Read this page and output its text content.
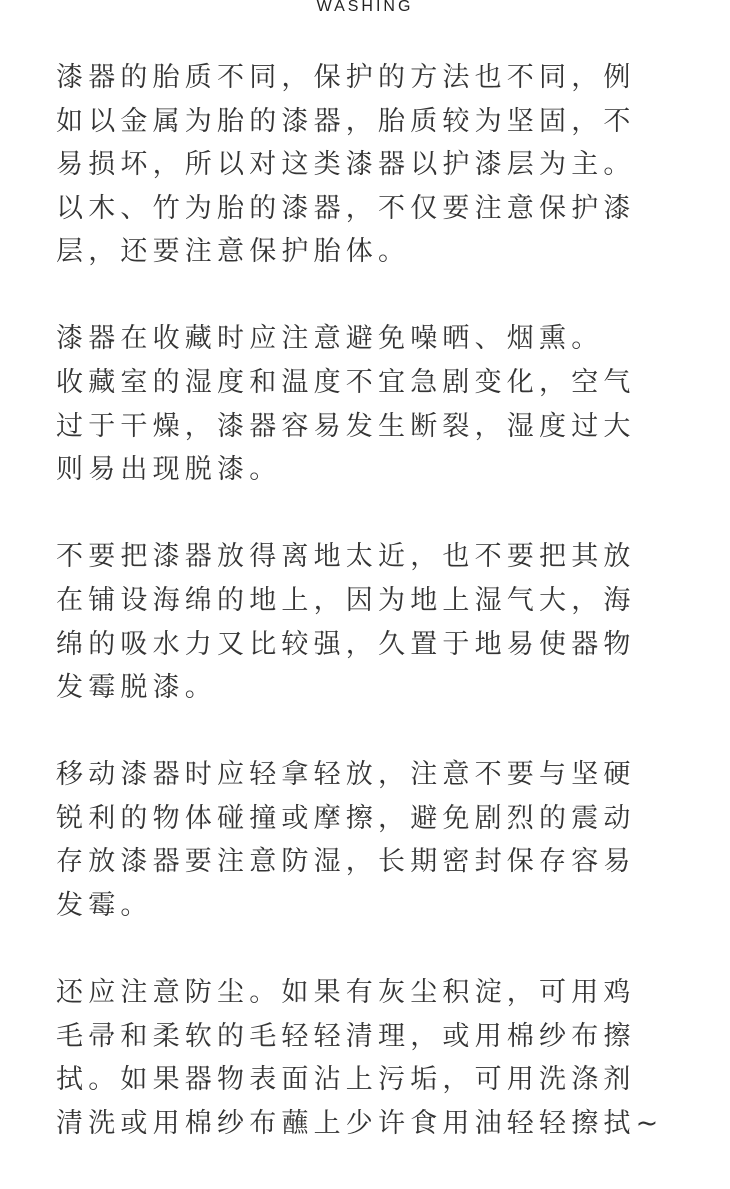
WASHING
漆器的胎质不同，保护的方法也不同，例
如以金属为胎的漆器，胎质较为坚固，不
易损坏，所以对这类漆器以护漆层为主。
以木、竹为胎的漆器，不仅要注意保护漆
层，还要注意保护胎体。
漆器在收藏时应注意避免噪晒、烟熏。
收藏室的湿度和温度不宜急剧变化，空气
过于干燥，漆器容易发生断裂，湿度过大
则易出现脱漆。
不要把漆器放得离地太近，也不要把其放
在铺设海绵的地上，因为地上湿气大，海
绵的吸水力又比较强，久置于地易使器物
发霉脱漆。
移动漆器时应轻拿轻放，注意不要与坚硬
锐利的物体碰撞或摩擦，避免剧烈的震动
存放漆器要注意防湿，长期密封保存容易
发霉。
还应注意防尘。如果有灰尘积淀，可用鸡
毛帚和柔软的毛轻轻清理，或用棉纱布擦
拭。如果器物表面沾上污垢，可用洗涤剂
清洗或用棉纱布蘸上少许食用油轻轻擦拭~
